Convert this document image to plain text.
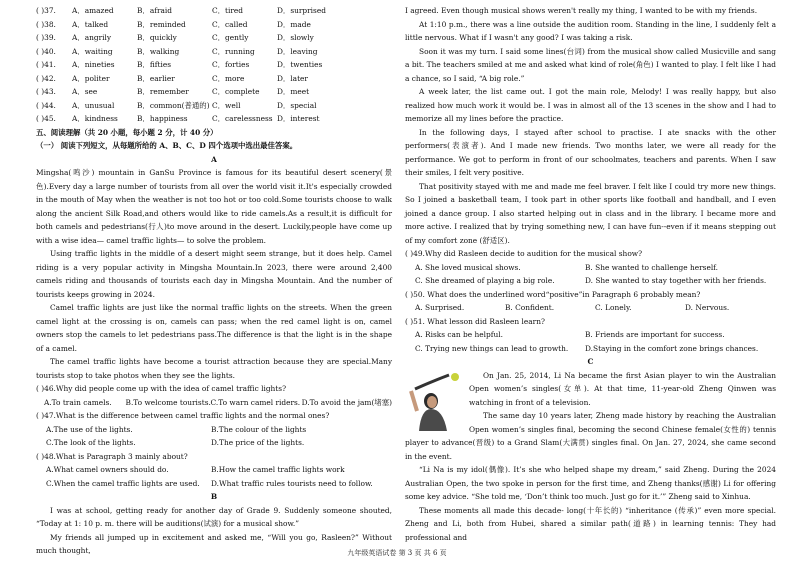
( )37.	A．amazed	B．afraid	C．tired	D．surprised
( )38.	A．talked	B．reminded	C．called	D．made
( )39.	A．angrily	B．quickly	C．gently	D．slowly
( )40.	A．waiting	B．walking	C．running	D．leaving
( )41.	A．nineties	B．fifties	C．forties	D．twenties
( )42.	A．politer	B．earlier	C．more	D．later
( )43.	A．see	B．remember	C．complete	D．meet
( )44.	A．unusual	B．common(普通的) C．well	D．special
( )45.	A．kindness	B．happiness	C．carelessness D．interest
五、阅读理解（共 20 小题，每小题 2 分，计 40 分）
（一） 阅读下列短文，从每题所给的 A、B、C、D 四个选项中选出最佳答案。
A
Mingsha(鸣沙) mountain in GanSu Province is famous for its beautiful desert scenery(景色).Every day a large number of tourists from all over the world visit it.It's especially crowded in the mouth of May when the weather is not too hot or too cold.Some tourists choose to walk along the ancient Silk Road,and others would like to ride camels.As a result,it is difficult for both camels and pedestrians(行人)to move around in the desert. Luckily,people have come up with a wise idea— camel traffic lights— to solve the problem.
Using traffic lights in the middle of a desert might seem strange, but it does help. Camel riding is a very popular activity in Mingsha Mountain.In 2023, there were around 2,400 camels riding and thousands of tourists each day in Mingsha Mountain. And the number of tourists keeps growing in 2024.
Camel traffic lights are just like the normal traffic lights on the streets. When the green camel light at the crossing is on, camels can pass; when the red camel light is on, camel owners stop the camels to let pedestrians pass.The difference is that the light is in the shape of a camel.
The camel traffic lights have become a tourist attraction because they are special.Many tourists stop to take photos when they see the lights.
( )46.Why did people come up with the idea of camel traffic lights?
A.To train camels.	B.To welcome tourists. C.To warn camel riders. D.To avoid the jam(堵塞)
( )47.What is the difference between camel traffic lights and the normal ones?
A.The use of the lights.	B.The colour of the lights
C.The look of the lights.	D.The price of the lights.
( )48.What is Paragraph 3 mainly about?
A.What camel owners should do.	B.How the camel traffic lights work
C.When the camel traffic lights are used.	D.What traffic rules tourists need to follow.
B
I was at school, getting ready for another day of Grade 9. Suddenly someone shouted, “Today at 1: 10 p. m. there will be auditions(试演) for a musical show.”
My friends all jumped up in excitement and asked me, “Will you go, Rasleen?” Without much thought,
I agreed. Even though musical shows weren't really my thing, I wanted to be with my friends.
At 1:10 p.m., there was a line outside the audition room. Standing in the line, I suddenly felt a little nervous. What if I wasn't any good? I was taking a risk.
Soon it was my turn. I said some lines(台词) from the musical show called Musicville and sang a bit. The teachers smiled at me and asked what kind of role(角色) I wanted to play. I felt like I had a chance, so I said, “A big role.”
A week later, the list came out. I got the main role, Melody! I was really happy, but also realized how much work it would be. I was in almost all of the 13 scenes in the show and I had to memorize all my lines before the practice.
In the following days, I stayed after school to practise. I ate snacks with the other performers(表演者). And I made new friends. Two months later, we were all ready for the performance. We got to perform in front of our schoolmates, teachers and parents. When I saw their smiles, I felt very positive.
That positivity stayed with me and made me feel braver. I felt like I could try more new things. So I joined a basketball team, I took part in other sports like football and handball, and I even joined a dance group. I also started helping out in class and in the library. I became more and more active. I realized that by trying something new, I can have fun--even if it means stepping out of my comfort zone (舒适区).
( )49.Why did Rasleen decide to audition for the musical show?
A. She loved musical shows.	B. She wanted to challenge herself.
C. She dreamed of playing a big role.	D. She wanted to stay together with her friends.
( )50. What does the underlined word“positive”in Paragraph 6 probably mean?
A. Surprised.	B. Confident.	C. Lonely.	D. Nervous.
( )51. What lesson did Rasleen learn?
A. Risks can be helpful.	B. Friends are important for success.
C. Trying new things can lead to growth.	D.Staying in the comfort zone brings chances.
C
On Jan. 25, 2014, Li Na became the first Asian player to win the Australian Open women’s singles(女单). At that time, 11-year-old Zheng Qinwen was watching in front of a television.
The same day 10 years later, Zheng made history by reaching the Australian Open women’s singles final, becoming the second Chinese female(女性的) tennis player to advance(晋级) to a Grand Slam(大满贯) singles final. On Jan. 27, 2024, she came second in the event.
“Li Na is my idol(偶像). It’s she who helped shape my dream,” said Zheng. During the 2024 Australian Open, the two spoke in person for the first time, and Zheng thanks(感谢) Li for offering some key advice. “She told me, ‘Don’t think too much. Just go for it.’” Zheng said to Xinhua.
These moments all made this decade- long(十年长的) “inheritance (传承)” even more special. Zheng and Li, both from Hubei, shared a similar path(道路) in learning tennis: They had professional and
九年级英语试卷 第 3 页 共 6 页
